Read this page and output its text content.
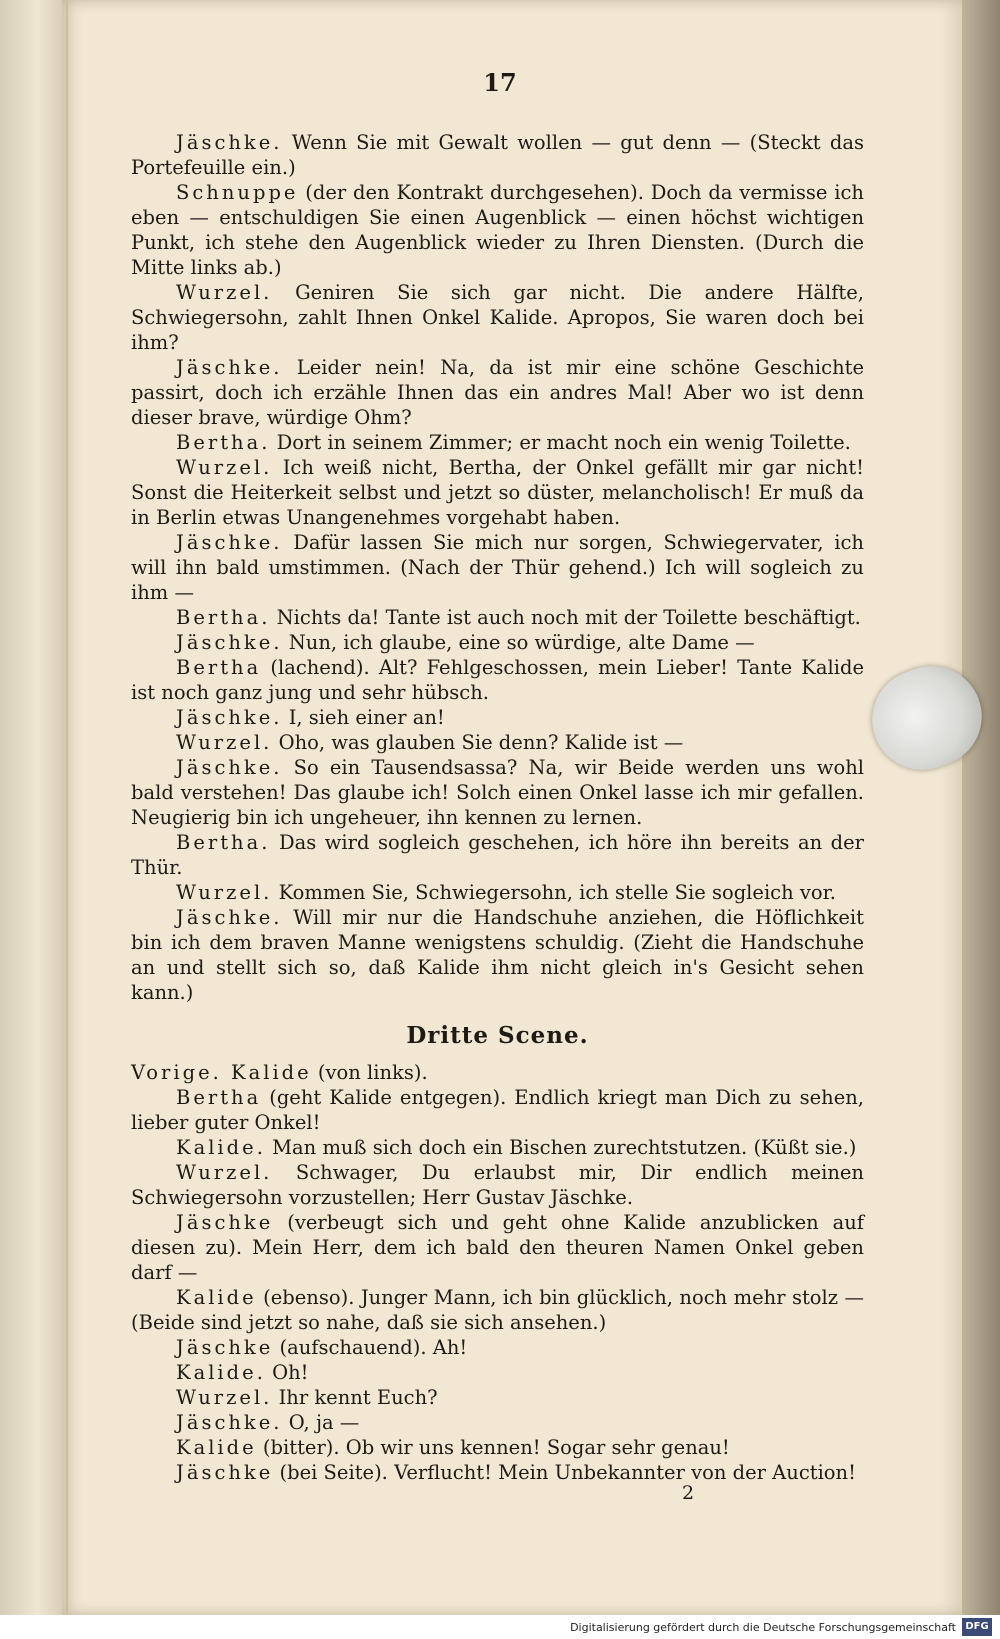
17

Jäschke. Wenn Sie mit Gewalt wollen — gut denn — (Steckt das Portefeuille ein.)

Schnuppe (der den Kontrakt durchgesehen). Doch da vermisse ich eben — entschuldigen Sie einen Augenblick — einen höchst wichtigen Punkt, ich stehe den Augenblick wieder zu Ihren Diensten. (Durch die Mitte links ab.)

Wurzel. Geniren Sie sich gar nicht. Die andere Hälfte, Schwiegersohn, zahlt Ihnen Onkel Kalide. Apropos, Sie waren doch bei ihm?

Jäschke. Leider nein! Na, da ist mir eine schöne Geschichte passirt, doch ich erzähle Ihnen das ein andres Mal! Aber wo ist denn dieser brave, würdige Ohm?

Bertha. Dort in seinem Zimmer; er macht noch ein wenig Toilette.

Wurzel. Ich weiß nicht, Bertha, der Onkel gefällt mir gar nicht! Sonst die Heiterkeit selbst und jetzt so düster, melancholisch! Er muß da in Berlin etwas Unangenehmes vorgehabt haben.

Jäschke. Dafür lassen Sie mich nur sorgen, Schwiegervater, ich will ihn bald umstimmen. (Nach der Thür gehend.) Ich will sogleich zu ihm —

Bertha. Nichts da! Tante ist auch noch mit der Toilette beschäftigt.

Jäschke. Nun, ich glaube, eine so würdige, alte Dame —

Bertha (lachend). Alt? Fehlgeschossen, mein Lieber! Tante Kalide ist noch ganz jung und sehr hübsch.

Jäschke. I, sieh einer an!

Wurzel. Oho, was glauben Sie denn? Kalide ist —

Jäschke. So ein Tausendsassa? Na, wir Beide werden uns wohl bald verstehen! Das glaube ich! Solch einen Onkel lasse ich mir gefallen. Neugierig bin ich ungeheuer, ihn kennen zu lernen.

Bertha. Das wird sogleich geschehen, ich höre ihn bereits an der Thür.

Wurzel. Kommen Sie, Schwiegersohn, ich stelle Sie sogleich vor.

Jäschke. Will mir nur die Handschuhe anziehen, die Höflichkeit bin ich dem braven Manne wenigstens schuldig. (Zieht die Handschuhe an und stellt sich so, daß Kalide ihm nicht gleich in's Gesicht sehen kann.)

Dritte Scene.

Vorige. Kalide (von links).

Bertha (geht Kalide entgegen). Endlich kriegt man Dich zu sehen, lieber guter Onkel!

Kalide. Man muß sich doch ein Bischen zurechtstutzen. (Küßt sie.)

Wurzel. Schwager, Du erlaubst mir, Dir endlich meinen Schwiegersohn vorzustellen; Herr Gustav Jäschke.

Jäschke (verbeugt sich und geht ohne Kalide anzublicken auf diesen zu). Mein Herr, dem ich bald den theuren Namen Onkel geben darf —

Kalide (ebenso). Junger Mann, ich bin glücklich, noch mehr stolz — (Beide sind jetzt so nahe, daß sie sich ansehen.)

Jäschke (aufschauend). Ah!

Kalide. Oh!

Wurzel. Ihr kennt Euch?

Jäschke. O, ja —

Kalide (bitter). Ob wir uns kennen! Sogar sehr genau!

Jäschke (bei Seite). Verflucht! Mein Unbekannter von der Auction!

2
Digitalisierung gefördert durch die Deutsche Forschungsgemeinschaft DFG
